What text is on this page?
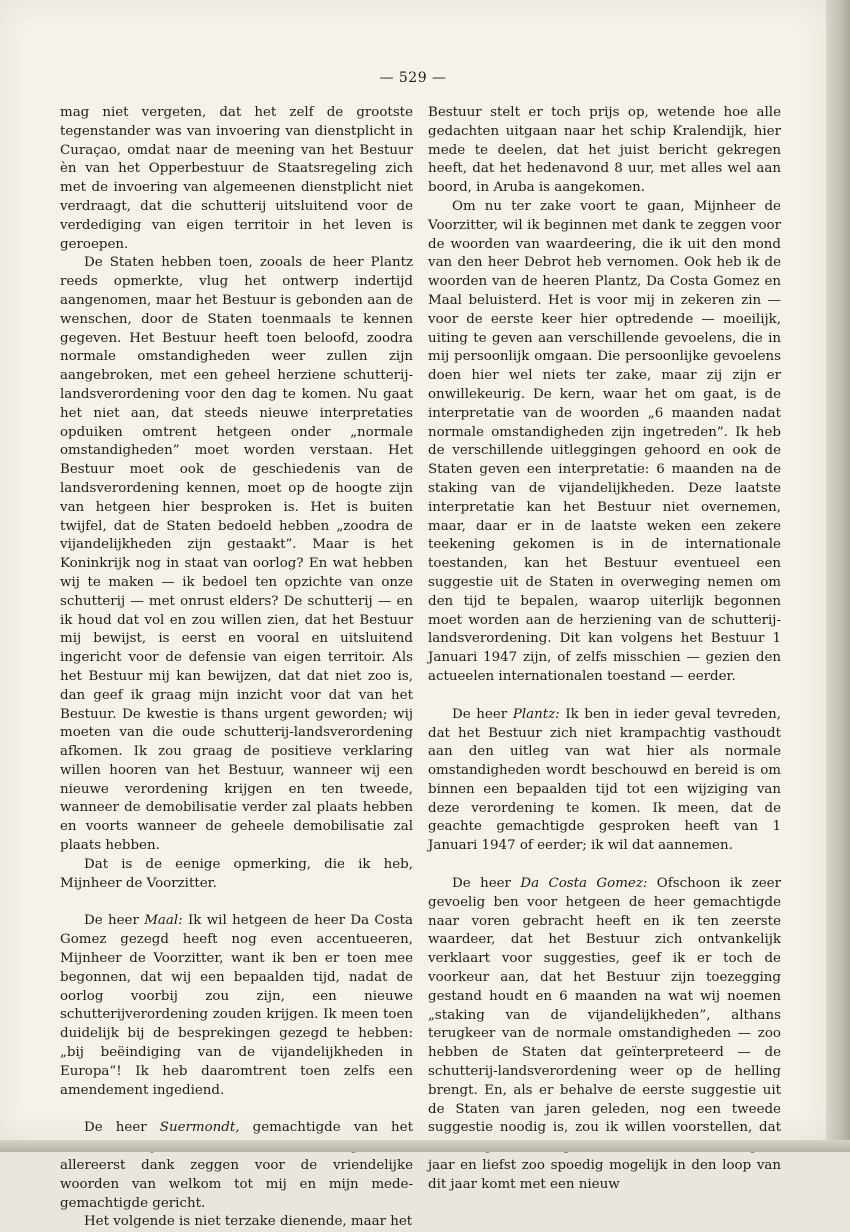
— 529 —

mag niet vergeten, dat het zelf de grootste tegenstander was van invoering van dienstplicht in Curaçao, omdat naar de meening van het Bestuur èn van het Opperbestuur de Staatsregeling zich met de invoering van algemeenen dienstplicht niet verdraagt, dat die schutterij uitsluitend voor de verdediging van eigen territoir in het leven is geroepen.

De Staten hebben toen, zooals de heer Plantz reeds opmerkte, vlug het ontwerp indertijd aangenomen, maar het Bestuur is gebonden aan de wenschen, door de Staten toenmaals te kennen gegeven. Het Bestuur heeft toen beloofd, zoodra normale omstandigheden weer zullen zijn aangebroken, met een geheel herziene schutterij-landsverordening voor den dag te komen. Nu gaat het niet aan, dat steeds nieuwe interpretaties opduiken omtrent hetgeen onder „normale omstandigheden” moet worden verstaan. Het Bestuur moet ook de geschiedenis van de landsverordening kennen, moet op de hoogte zijn van hetgeen hier besproken is. Het is buiten twijfel, dat de Staten bedoeld hebben „zoodra de vijandelijkheden zijn gestaakt”. Maar is het Koninkrijk nog in staat van oorlog? En wat hebben wij te maken — ik bedoel ten opzichte van onze schutterij — met onrust elders? De schutterij — en ik houd dat vol en zou willen zien, dat het Bestuur mij bewijst, is eerst en vooral en uitsluitend ingericht voor de defensie van eigen territoir. Als het Bestuur mij kan bewijzen, dat dat niet zoo is, dan geef ik graag mijn inzicht voor dat van het Bestuur. De kwestie is thans urgent geworden; wij moeten van die oude schutterij-landsverordening afkomen. Ik zou graag de positieve verklaring willen hooren van het Bestuur, wanneer wij een nieuwe verordening krijgen en ten tweede, wanneer de demobilisatie verder zal plaats hebben en voorts wanneer de geheele demobilisatie zal plaats hebben.

Dat is de eenige opmerking, die ik heb, Mijnheer de Voorzitter.

De heer Maal: Ik wil hetgeen de heer Da Costa Gomez gezegd heeft nog even accentueeren, Mijnheer de Voorzitter, want ik ben er toen mee begonnen, dat wij een bepaalden tijd, nadat de oorlog voorbij zou zijn, een nieuwe schutterijverordening zouden krijgen. Ik meen toen duidelijk bij de besprekingen gezegd te hebben: „bij beëindiging van de vijandelijkheden in Europa”! Ik heb daaromtrent toen zelfs een amendement ingediend.

De heer Suermondt, gemachtigde van het Bestuur: Mijnheer de Voorzitter. Mag ik U allereerst dank zeggen voor de vriendelijke woorden van welkom tot mij en mijn mede-gemachtigde gericht.

Bestuur stelt er toch prijs op, wetende hoe alle gedachten uitgaan naar het schip Kralendijk, hier mede te deelen, dat het juist bericht gekregen heeft, dat het hedenavond 8 uur, met alles wel aan boord, in Aruba is aangekomen.

Om nu ter zake voort te gaan, Mijnheer de Voorzitter, wil ik beginnen met dank te zeggen voor de woorden van waardeering, die ik uit den mond van den heer Debrot heb vernomen. Ook heb ik de woorden van de heeren Plantz, Da Costa Gomez en Maal beluisterd. Het is voor mij in zekeren zin — voor de eerste keer hier optredende — moeilijk, uiting te geven aan verschillende gevoelens, die in mij persoonlijk omgaan. Die persoonlijke gevoelens doen hier wel niets ter zake, maar zij zijn er onwillekeurig. De kern, waar het om gaat, is de interpretatie van de woorden „6 maanden nadat normale omstandigheden zijn ingetreden”. Ik heb de verschillende uitleggingen gehoord en ook de Staten geven een interpretatie: 6 maanden na de staking van de vijandelijkheden. Deze laatste interpretatie kan het Bestuur niet overnemen, maar, daar er in de laatste weken een zekere teekening gekomen is in de internationale toestanden, kan het Bestuur eventueel een suggestie uit de Staten in overweging nemen om den tijd te bepalen, waarop uiterlijk begonnen moet worden aan de herziening van de schutterij-landsverordening. Dit kan volgens het Bestuur 1 Januari 1947 zijn, of zelfs misschien — gezien den actueelen internationalen toestand — eerder.

De heer Plantz: Ik ben in ieder geval tevreden, dat het Bestuur zich niet krampachtig vasthoudt aan den uitleg van wat hier als normale omstandigheden wordt beschouwd en bereid is om binnen een bepaalden tijd tot een wijziging van deze verordening te komen. Ik meen, dat de geachte gemachtigde gesproken heeft van 1 Januari 1947 of eerder; ik wil dat aannemen.

De heer Da Costa Gomez: Ofschoon ik zeer gevoelig ben voor hetgeen de heer gemachtigde naar voren gebracht heeft en ik ten zeerste waardeer, dat het Bestuur zich ontvankelijk verklaart voor suggesties, geef ik er toch de voorkeur aan, dat het Bestuur zijn toezegging gestand houdt en 6 maanden na wat wij noemen „staking van de vijandelijkheden”, althans terugkeer van de normale omstandigheden — zoo hebben de Staten dat geïnterpreteerd — de schutterij-landsverordening weer op de helling brengt. En, als er behalve de eerste suggestie uit de Staten van jaren geleden, nog een tweede suggestie noodig is, zou ik willen voorstellen, dat dit college zich uitspreekt, dat het Bestuur nog dit jaar en liefst zoo spoedig mogelijk in den loop van dit jaar komt met een nieuw
